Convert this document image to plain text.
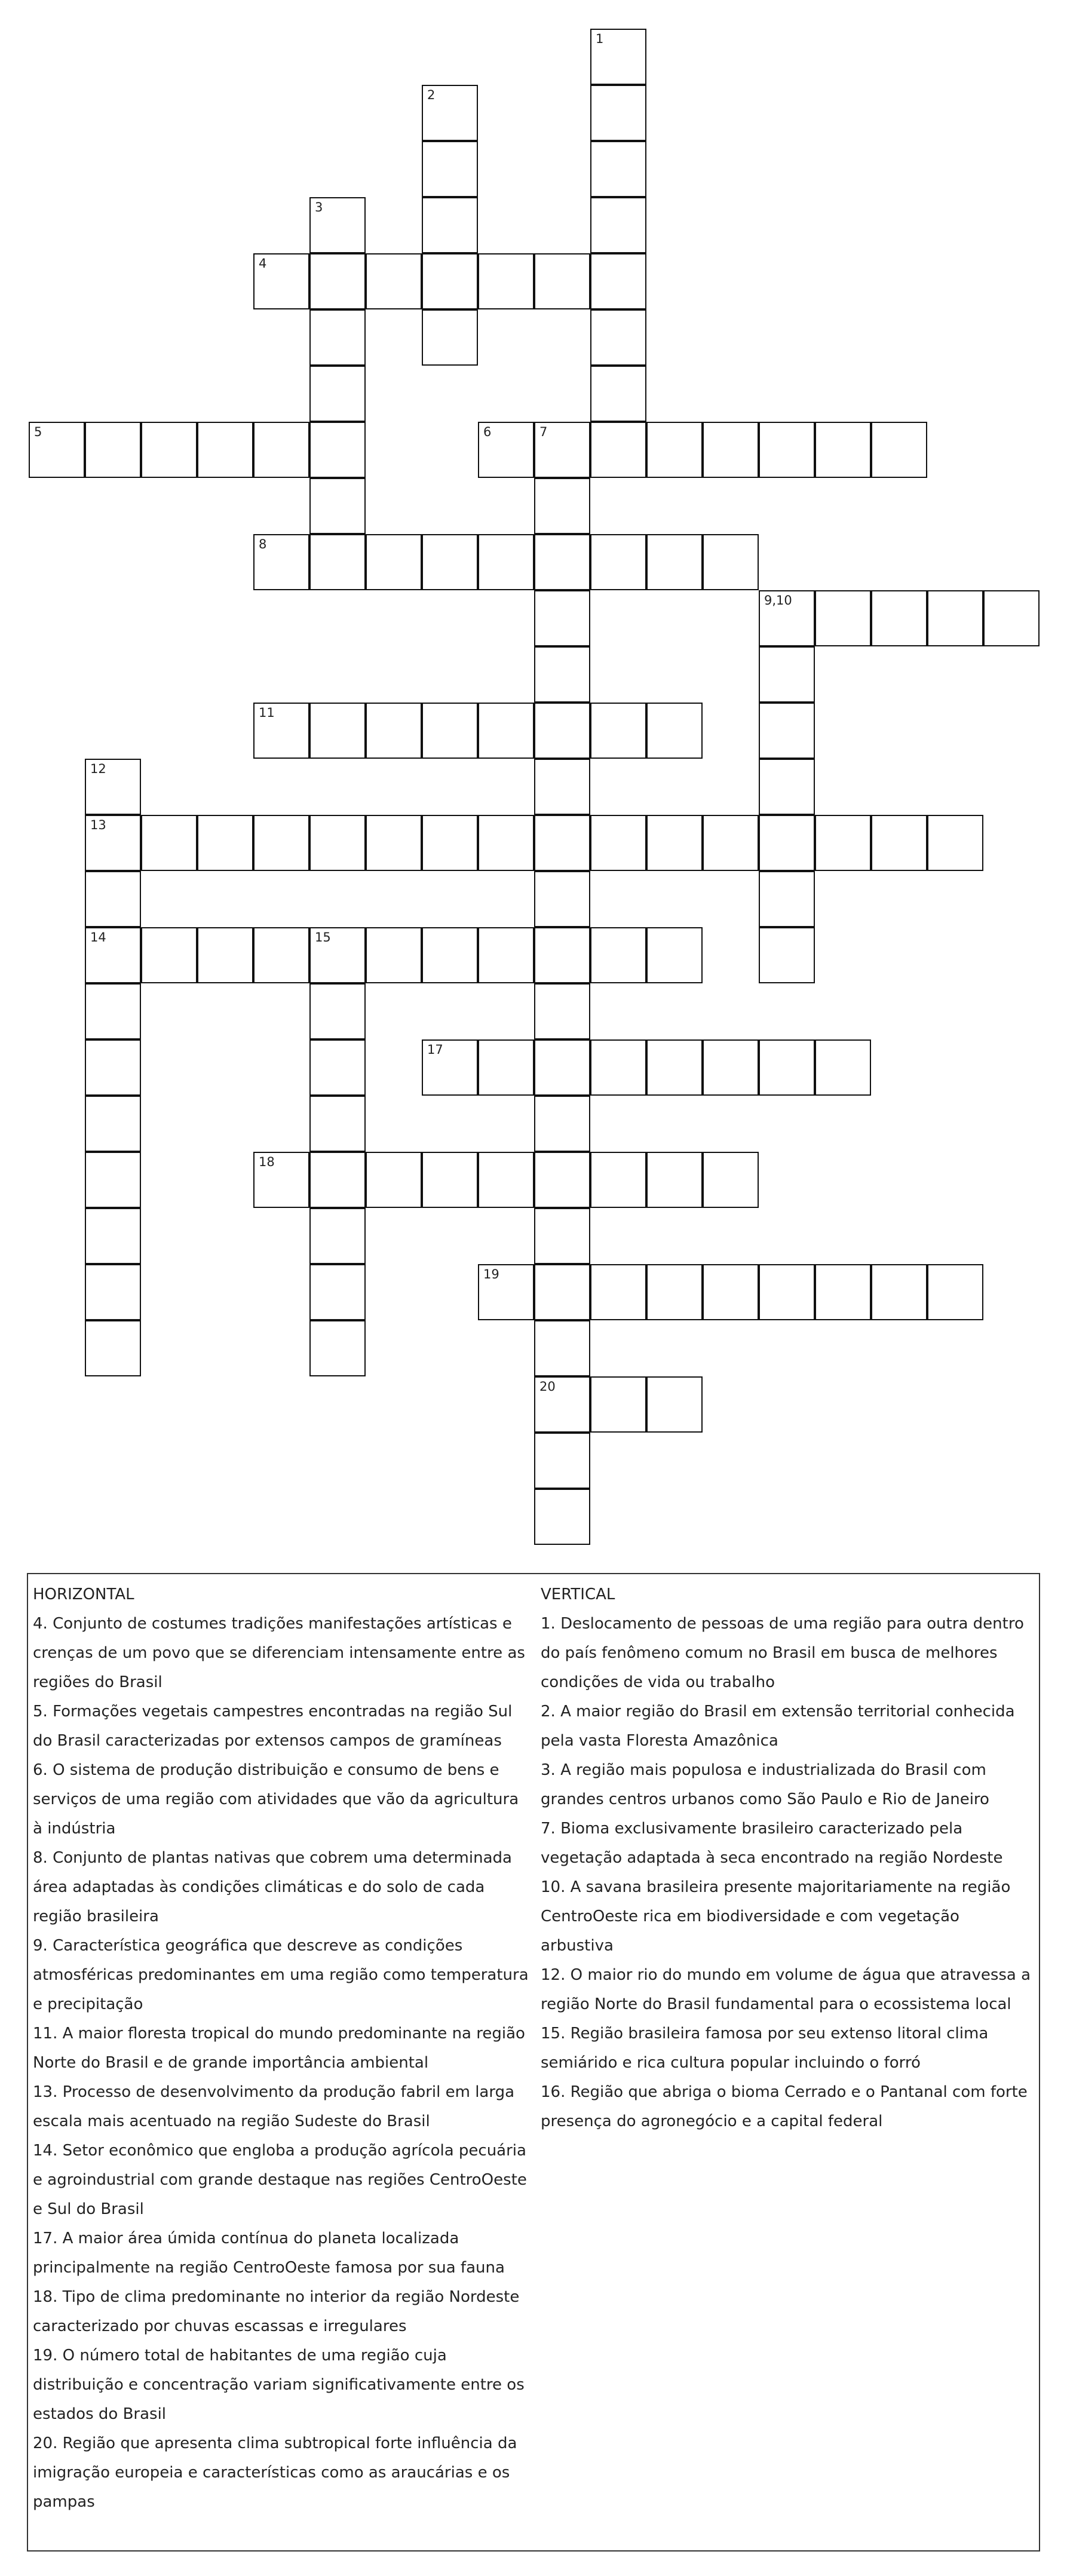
1
2
3
4
5	6	7
20
8
9,10
11
12
13
14	15
17
18
19
HORIZONTAL
4. Conjunto de costumes tradições manifestações artísticas e crenças de um povo que se diferenciam intensamente entre as regiões do Brasil
5. Formações vegetais campestres encontradas na região Sul do Brasil caracterizadas por extensos campos de gramíneas
6. O sistema de produção distribuição e consumo de bens e serviços de uma região com atividades que vão da agricultura à indústria
8. Conjunto de plantas nativas que cobrem uma determinada área adaptadas às condições climáticas e do solo de cada região brasileira
9. Característica geográfica que descreve as condições atmosféricas predominantes em uma região como temperatura e precipitação
11. A maior floresta tropical do mundo predominante na região Norte do Brasil e de grande importância ambiental
13. Processo de desenvolvimento da produção fabril em larga escala mais acentuado na região Sudeste do Brasil
14. Setor econômico que engloba a produção agrícola pecuária e agroindustrial com grande destaque nas regiões CentroOeste e Sul do Brasil
17. A maior área úmida contínua do planeta localizada principalmente na região CentroOeste famosa por sua fauna
18. Tipo de clima predominante no interior da região Nordeste caracterizado por chuvas escassas e irregulares
19. O número total de habitantes de uma região cuja distribuição e concentração variam significativamente entre os estados do Brasil
20. Região que apresenta clima subtropical forte influência da imigração europeia e características como as araucárias e os pampas
VERTICAL
1. Deslocamento de pessoas de uma região para outra dentro do país fenômeno comum no Brasil em busca de melhores condições de vida ou trabalho
2. A maior região do Brasil em extensão territorial conhecida pela vasta Floresta Amazônica
3. A região mais populosa e industrializada do Brasil com grandes centros urbanos como São Paulo e Rio de Janeiro
7. Bioma exclusivamente brasileiro caracterizado pela vegetação adaptada à seca encontrado na região Nordeste
10. A savana brasileira presente majoritariamente na região CentroOeste rica em biodiversidade e com vegetação arbustiva
12. O maior rio do mundo em volume de água que atravessa a região Norte do Brasil fundamental para o ecossistema local
15. Região brasileira famosa por seu extenso litoral clima semiárido e rica cultura popular incluindo o forró
16. Região que abriga o bioma Cerrado e o Pantanal com forte presença do agronegócio e a capital federal
